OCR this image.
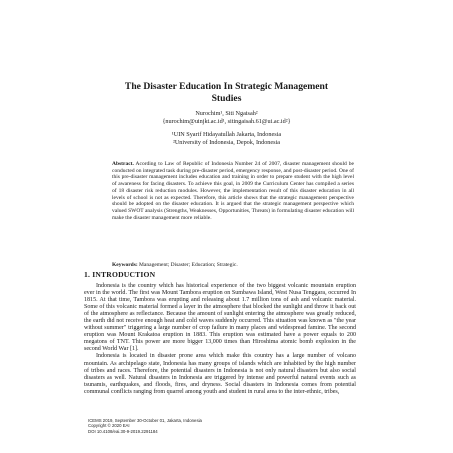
The Disaster Education In Strategic Management
Studies
Nurochim¹, Siti Ngaisah²
{nurochim@uinjkt.ac.id¹, sitingaisah.61@ui.ac.id²}
¹UIN Syarif Hidayatullah Jakarta, Indonesia
²University of Indonesia, Depok, Indonesia
Abstract. Acording to Law of Republic of Indonesia Number 24 of 2007, disaster management should be conducted on integrated task during pre-disaster period, emergency response, and post-disaster period. One of this pre-disaster management includes education and training in order to prepare student with the high level of awareness for facing disasters. To achieve this goal, in 2009 the Curriculum Center has compiled a series of 18 disaster risk reduction modules. However, the implementation result of this disaster education in all levels of school is not as expected. Therefore, this article shows that the strategic management perspective should be adopted on the disaster education. It is argued that the strategic management perspective which valued SWOT analysis (Strengths, Weaknesses, Opportunities, Threats) in formulating disaster education will make the disaster management more reliable.
Keywords: Management; Disaster; Education; Strategic.
1. INTRODUCTION

Indonesia is the country which has historical experience of the two biggest volcanic mountain eruption ever in the world. The first was Mount Tambora eruption on Sumbawa Island, West Nusa Tenggara, occurred In 1815. At that time, Tambora was erupting and releasing about 1.7 million tons of ash and volcanic material. Some of this volcanic material formed a layer in the atmosphere that blocked the sunlight and throw it back out of the atmosphere as reflectance. Because the amount of sunlight entering the atmosphere was greatly reduced, the earth did not receive enough heat and cold waves suddenly occurred. This situation was known as "the year without summer" triggering a large number of crop failure in many places and widespread famine. The second eruption was Mount Krakatoa eruption in 1883. This eruption was estimated have a power equals to 200 megatons of TNT. This power are more bigger 13,000 times than Hiroshima atomic bomb explosion in the second World War [1].

Indonesia is located in disaster prone area which make this country has a large number of volcano mountain. As archipelago state, Indonesia has many groups of islands which are inhabited by the high number of tribes and races. Therefore, the potential disasters in Indonesia is not only natural disasters but also social disasters as well. Natural disasters in Indonesia are triggered by intense and powerful natural events such as tsunamis, earthquakes, and floods, fires, and dryness. Social disasters in Indonesia comes from potential communal conflicts ranging from quarrel among youth and student in rural area to the inter-ethnic, tribes,

ICEMS 2019, September 30-October 01, Jakarta, Indonesia
Copyright © 2020 EAI
DOI 10.4108/eai.30-9-2019.2291184
